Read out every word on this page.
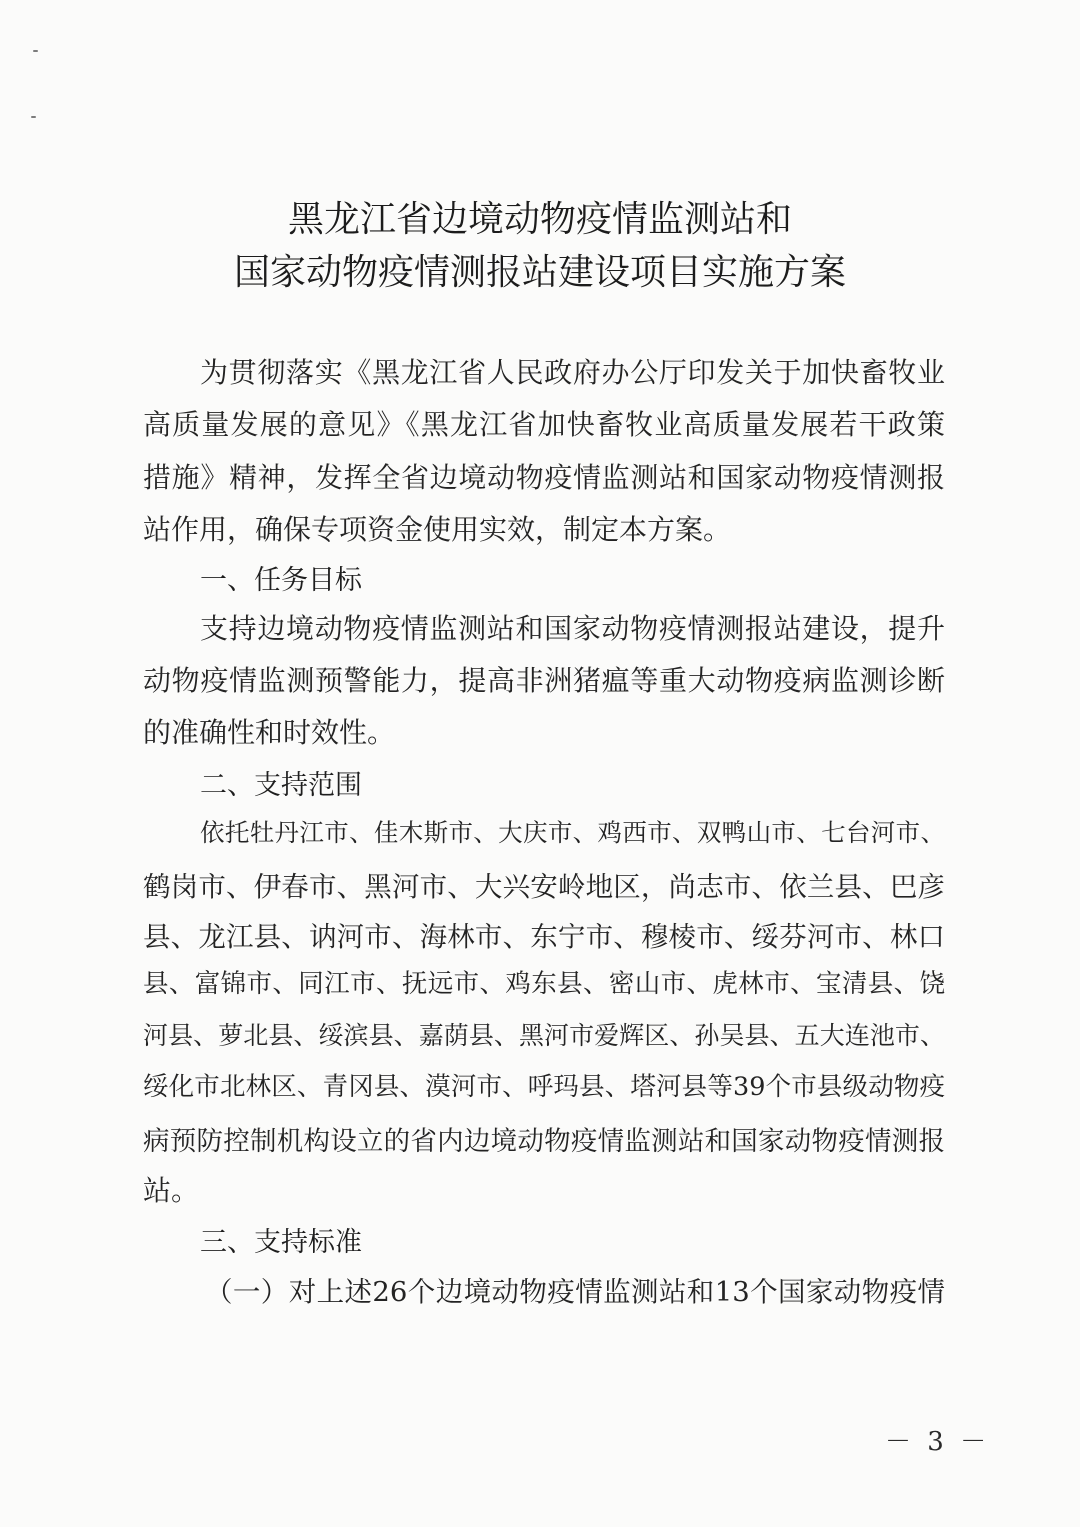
黑龙江省边境动物疫情监测站和
国家动物疫情测报站建设项目实施方案

为贯彻落实《黑龙江省人民政府办公厅印发关于加快畜牧业

高质量发展的意见》《黑龙江省加快畜牧业高质量发展若干政策

措施》精神，发挥全省边境动物疫情监测站和国家动物疫情测报

站作用，确保专项资金使用实效，制定本方案。

一、任务目标

支持边境动物疫情监测站和国家动物疫情测报站建设，提升

动物疫情监测预警能力，提高非洲猪瘟等重大动物疫病监测诊断

的准确性和时效性。

二、支持范围

依托牡丹江市、佳木斯市、大庆市、鸡西市、双鸭山市、七台河市、

鹤岗市、伊春市、黑河市、大兴安岭地区，尚志市、依兰县、巴彦

县、龙江县、讷河市、海林市、东宁市、穆棱市、绥芬河市、林口

县、富锦市、同江市、抚远市、鸡东县、密山市、虎林市、宝清县、饶

河县、萝北县、绥滨县、嘉荫县、黑河市爱辉区、孙吴县、五大连池市、

绥化市北林区、青冈县、漠河市、呼玛县、塔河县等39个市县级动物疫

病预防控制机构设立的省内边境动物疫情监测站和国家动物疫情测报

站。

三、支持标准

（一）对上述26个边境动物疫情监测站和13个国家动物疫情

－ 3 －
